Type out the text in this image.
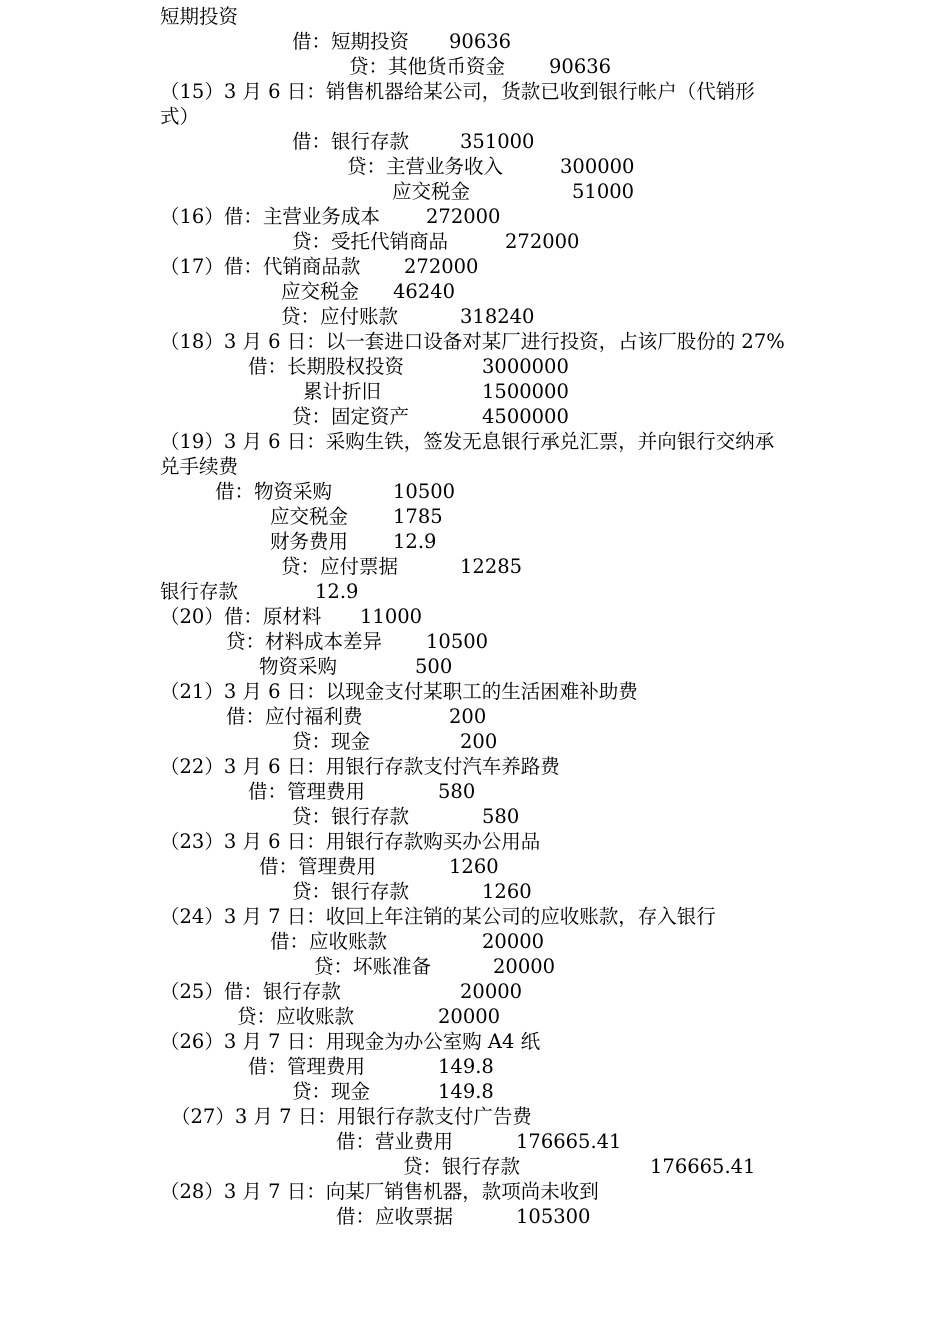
短期投资
借：短期投资 90636
贷：其他货币资金 90636
（15）3 月 6 日：销售机器给某公司，货款已收到银行帐户（代销形
式）
借：银行存款	351000
贷：主营业务收入	300000
应交税金	51000
（16）借：主营业务成本 272000
贷：受托代销商品	272000
（17）借：代销商品款 272000
应交税金 46240
贷：应付账款	318240
（18）3 月 6 日：以一套进口设备对某厂进行投资，占该厂股份的 27%
借：长期股权投资	3000000
累计折旧	1500000
贷：固定资产	4500000
（19）3 月 6 日：采购生铁，签发无息银行承兑汇票，并向银行交纳承
兑手续费
借：物资采购	10500
应交税金 1785
财务费用 12.9
贷：应付票据	12285
银行存款	12.9
（20）借：原材料 11000
贷：材料成本差异 10500
物资采购	500
（21）3 月 6 日：以现金支付某职工的生活困难补助费
借：应付福利费	200
贷：现金	200
（22）3 月 6 日：用银行存款支付汽车养路费
借：管理费用	580
贷：银行存款	580
（23）3 月 6 日：用银行存款购买办公用品
借：管理费用	1260
贷：银行存款	1260
（24）3 月 7 日：收回上年注销的某公司的应收账款，存入银行
借：应收账款	20000
贷：坏账准备	20000
（25）借：银行存款	20000
贷：应收账款	20000
（26）3 月 7 日：用现金为办公室购 A4 纸
借：管理费用	149.8
贷：现金	149.8
（27）3 月 7 日：用银行存款支付广告费
借：营业费用	176665.41
贷：银行存款	176665.41
（28）3 月 7 日：向某厂销售机器，款项尚未收到
借：应收票据	105300
